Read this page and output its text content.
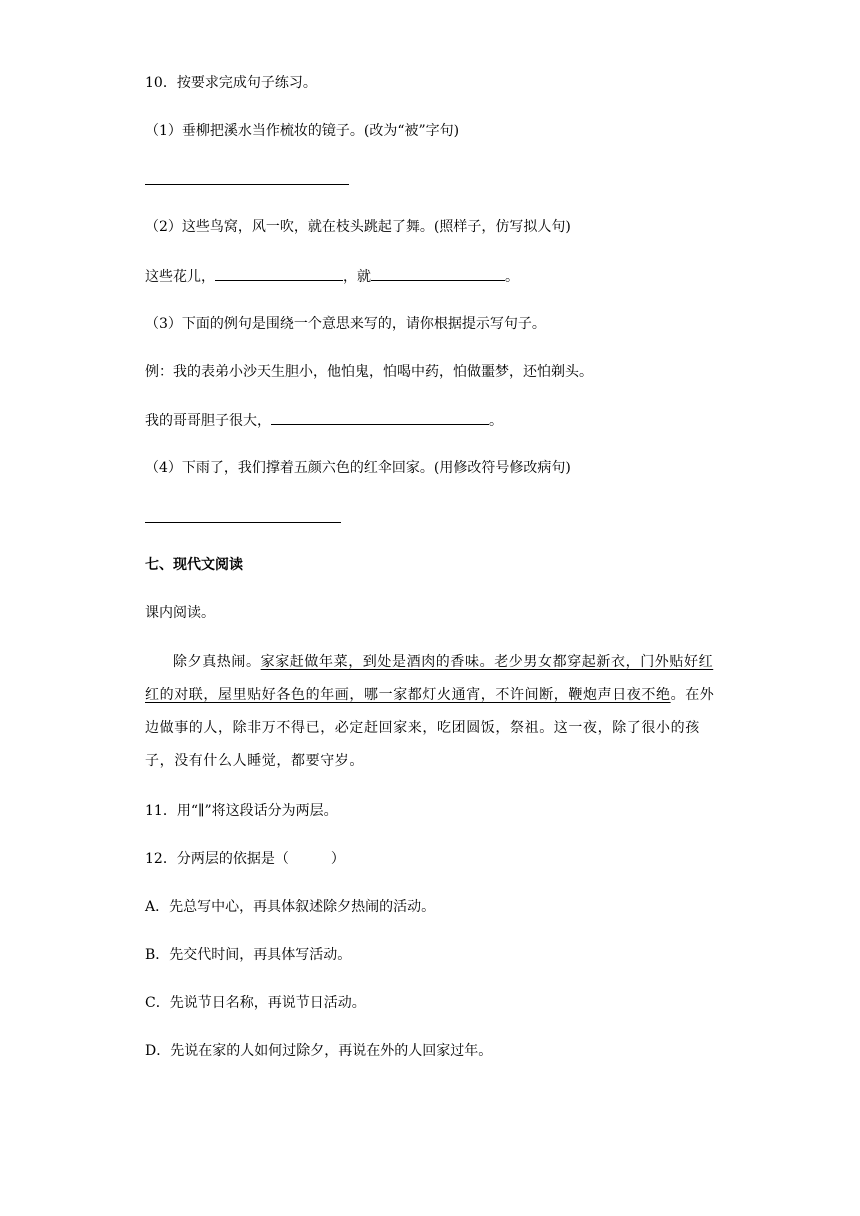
10．按要求完成句子练习。
（1）垂柳把溪水当作梳妆的镜子。(改为“被”字句)
（2）这些鸟窝，风一吹，就在枝头跳起了舞。(照样子，仿写拟人句)
这些花儿，	，就	。
（3）下面的例句是围绕一个意思来写的，请你根据提示写句子。
例：我的表弟小沙天生胆小，他怕鬼，怕喝中药，怕做噩梦，还怕剃头。
我的哥哥胆子很大，	。
（4）下雨了，我们撑着五颜六色的红伞回家。(用修改符号修改病句)
七、现代文阅读
课内阅读。
除夕真热闹。家家赶做年菜，到处是酒肉的香味。老少男女都穿起新衣，门外贴好红红的对联，屋里贴好各色的年画，哪一家都灯火通宵，不许间断，鞭炮声日夜不绝。在外边做事的人，除非万不得已，必定赶回家来，吃团圆饭，祭祖。这一夜，除了很小的孩子，没有什么人睡觉，都要守岁。
11．用“∥”将这段话分为两层。
12．分两层的依据是（　　　）
A．先总写中心，再具体叙述除夕热闹的活动。
B．先交代时间，再具体写活动。
C．先说节日名称，再说节日活动。
D．先说在家的人如何过除夕，再说在外的人回家过年。
